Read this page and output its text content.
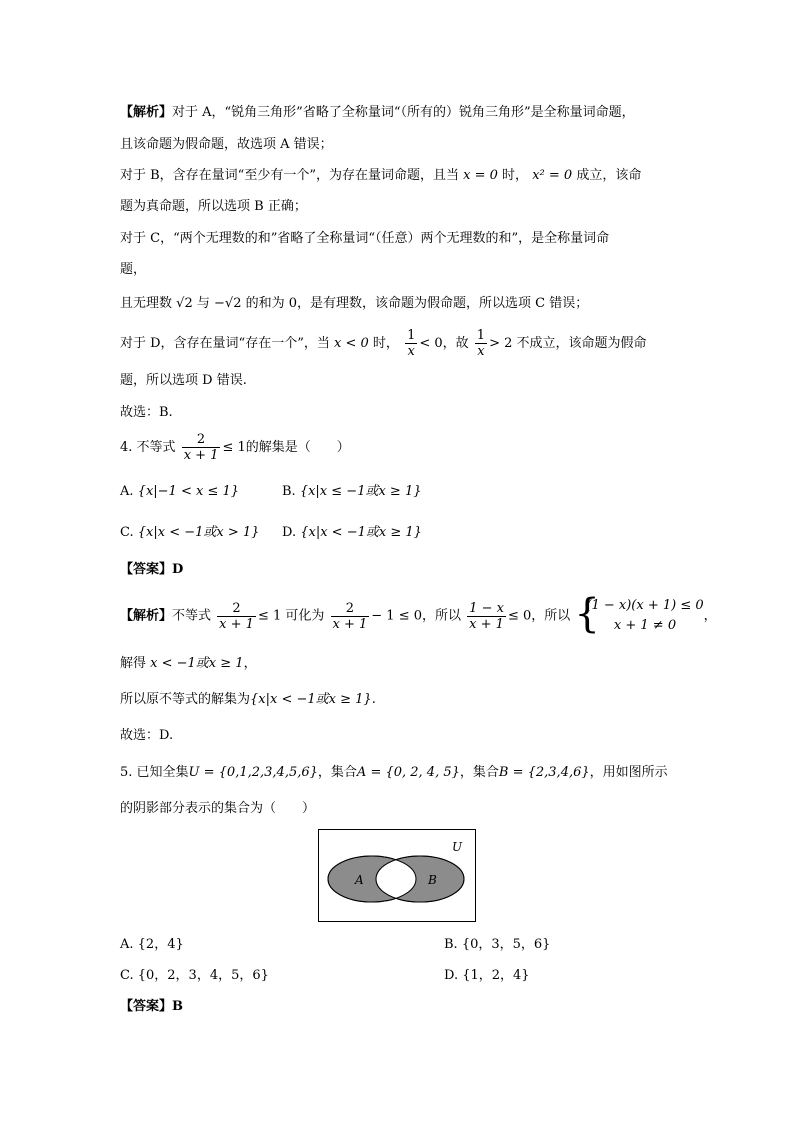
【解析】对于 A，“锐角三角形”省略了全称量词“（所有的）锐角三角形”是全称量词命题，
且该命题为假命题，故选项 A 错误；
对于 B，含存在量词“至少有一个”，为存在量词命题，且当 x = 0 时， x² = 0 成立，该命
题为真命题，所以选项 B 正确；
对于 C，“两个无理数的和”省略了全称量词“（任意）两个无理数的和”，是全称量词命
题，
且无理数 √2 与 −√2 的和为 0，是有理数，该命题为假命题，所以选项 C 错误；
对于 D，含存在量词“存在一个”，当 x < 0 时， $\frac{1}{x} < 0$，故 $\frac{1}{x} > 2$ 不成立，该命题为假命
题，所以选项 D 错误.
故选：B.
4. 不等式 $\frac{2}{x + 1} \le 1$的解集是（　　）
A. {x|−1 < x ≤ 1}	B. {x|x ≤ −1或x ≥ 1}
C. {x|x < −1或x > 1} D. {x|x < −1或x ≥ 1}
【答案】D
【解析】不等式 $\frac{2}{x + 1} \le 1$ 可化为 $\frac{2}{x + 1} - 1 \le 0$，所以 $\frac{1 - x}{x + 1} \le 0$，所以 {
(1 − x)(x + 1) ≤ 0
x + 1 ≠ 0
，
解得 x < −1或x ≥ 1，
所以原不等式的解集为{x|x < −1或x ≥ 1}.
故选：D.
5. 已知全集U = {0,1,2,3,4,5,6}，集合A = {0, 2, 4, 5}，集合B = {2,3,4,6}，用如图所示
的阴影部分表示的集合为（　　）
U
A	B
A. {2，4}	B. {0，3，5，6}
C. {0，2，3，4，5，6}	D. {1，2，4}
【答案】B
